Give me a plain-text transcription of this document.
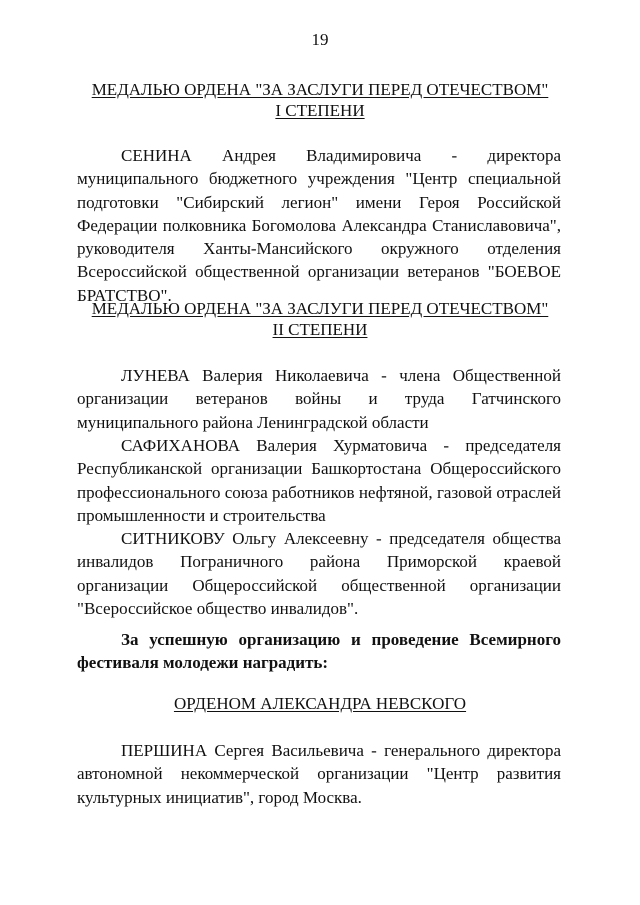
19
МЕДАЛЬЮ ОРДЕНА "ЗА ЗАСЛУГИ ПЕРЕД ОТЕЧЕСТВОМ"
I СТЕПЕНИ

СЕНИНА Андрея Владимировича - директора муниципального бюджетного учреждения "Центр специальной подготовки "Сибирский легион" имени Героя Российской Федерации полковника Богомолова Александра Станиславовича", руководителя Ханты-Мансийского окружного отделения Всероссийской общественной организации ветеранов "БОЕВОЕ БРАТСТВО".

МЕДАЛЬЮ ОРДЕНА "ЗА ЗАСЛУГИ ПЕРЕД ОТЕЧЕСТВОМ"
II СТЕПЕНИ

ЛУНЕВА Валерия Николаевича - члена Общественной организации ветеранов войны и труда Гатчинского муниципального района Ленинградской области

САФИХАНОВА Валерия Хурматовича - председателя Республиканской организации Башкортостана Общероссийского профессионального союза работников нефтяной, газовой отраслей промышленности и строительства

СИТНИКОВУ Ольгу Алексеевну - председателя общества инвалидов Пограничного района Приморской краевой организации Общероссийской общественной организации "Всероссийское общество инвалидов".

За успешную организацию и проведение Всемирного фестиваля молодежи наградить:

ОРДЕНОМ АЛЕКСАНДРА НЕВСКОГО

ПЕРШИНА Сергея Васильевича - генерального директора автономной некоммерческой организации "Центр развития культурных инициатив", город Москва.
